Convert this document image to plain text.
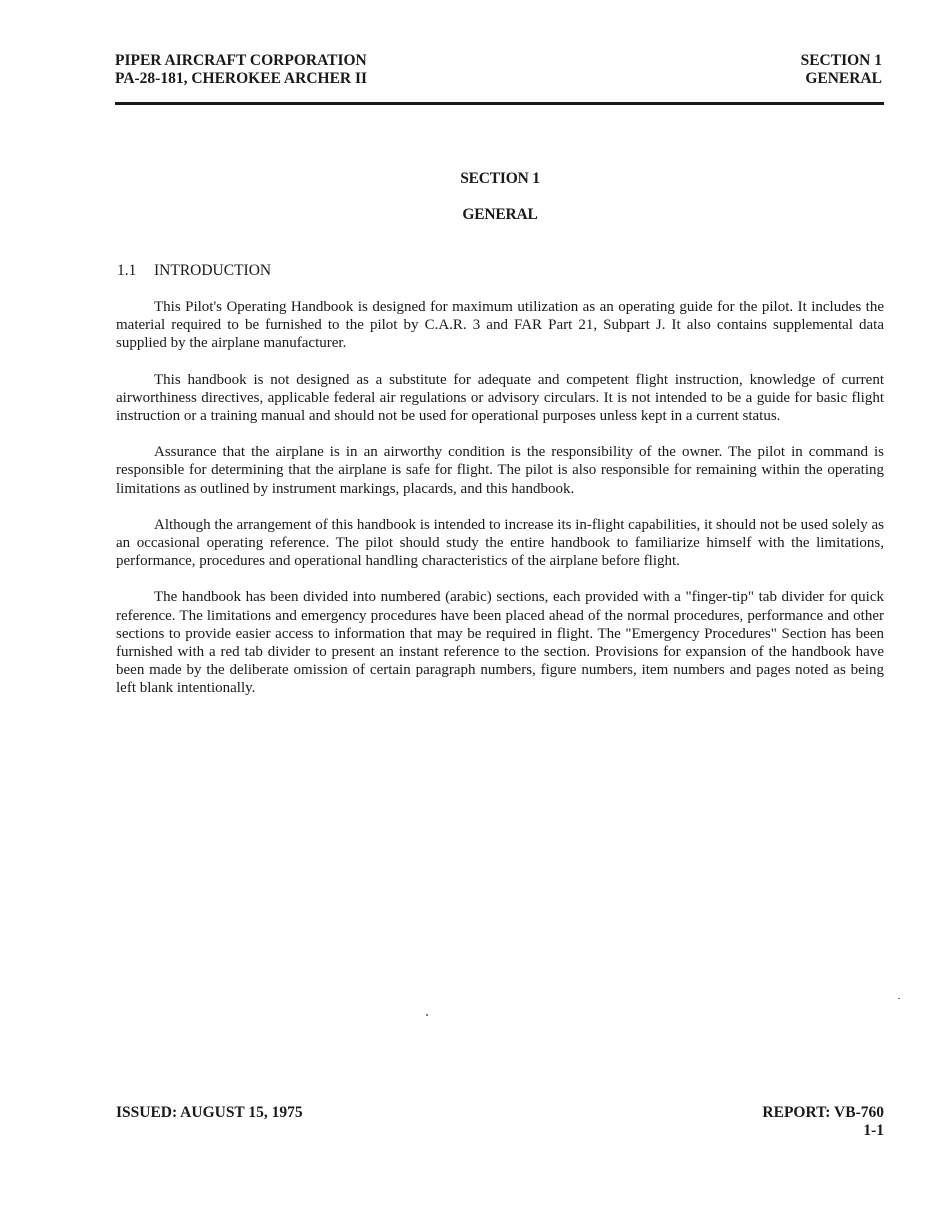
PIPER AIRCRAFT CORPORATION
PA-28-181, CHEROKEE ARCHER II
SECTION 1
GENERAL
SECTION 1
GENERAL
1.1 INTRODUCTION

This Pilot's Operating Handbook is designed for maximum utilization as an operating guide for the pilot. It includes the material required to be furnished to the pilot by C.A.R. 3 and FAR Part 21, Subpart J. It also contains supplemental data supplied by the airplane manufacturer.

This handbook is not designed as a substitute for adequate and competent flight instruction, knowledge of current airworthiness directives, applicable federal air regulations or advisory circulars. It is not intended to be a guide for basic flight instruction or a training manual and should not be used for operational purposes unless kept in a current status.

Assurance that the airplane is in an airworthy condition is the responsibility of the owner. The pilot in command is responsible for determining that the airplane is safe for flight. The pilot is also responsible for remaining within the operating limitations as outlined by instrument markings, placards, and this handbook.

Although the arrangement of this handbook is intended to increase its in-flight capabilities, it should not be used solely as an occasional operating reference. The pilot should study the entire handbook to familiarize himself with the limitations, performance, procedures and operational handling characteristics of the airplane before flight.

The handbook has been divided into numbered (arabic) sections, each provided with a "finger-tip" tab divider for quick reference. The limitations and emergency procedures have been placed ahead of the normal procedures, performance and other sections to provide easier access to information that may be required in flight. The "Emergency Procedures" Section has been furnished with a red tab divider to present an instant reference to the section. Provisions for expansion of the handbook have been made by the deliberate omission of certain paragraph numbers, figure numbers, item numbers and pages noted as being left blank intentionally.

ISSUED: AUGUST 15, 1975	REPORT: VB-760
1-1
